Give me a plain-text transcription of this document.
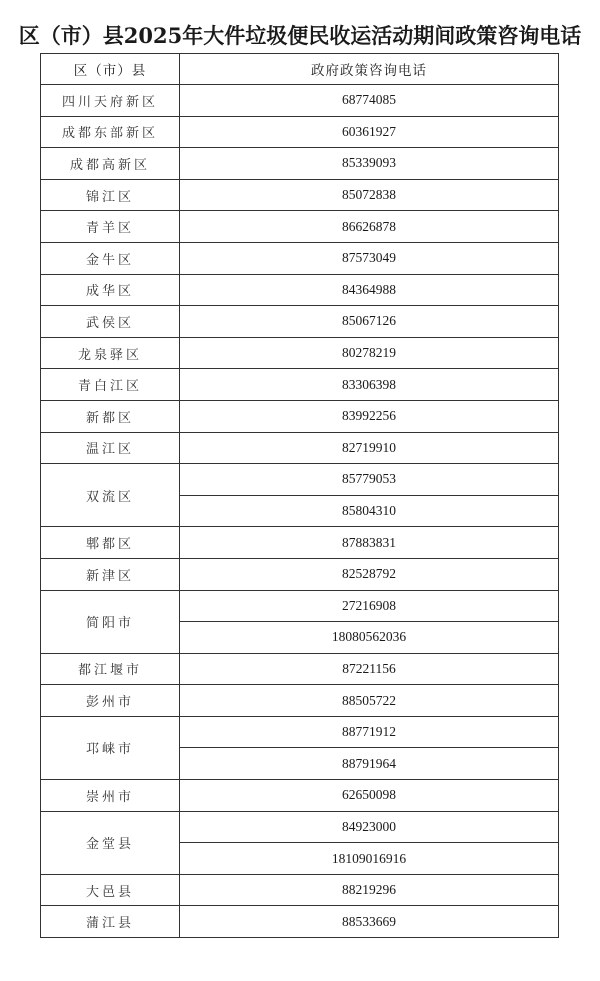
区（市）县2025年大件垃圾便民收运活动期间政策咨询电话
区（市）县	政府政策咨询电话
四川天府新区	68774085
成都东部新区	60361927
成都高新区	85339093
锦江区	85072838
青羊区	86626878
金牛区	87573049
成华区	84364988
武侯区	85067126
龙泉驿区	80278219
青白江区	83306398
新都区	83992256
温江区	82719910
双流区	85779053
	85804310
郫都区	87883831
新津区	82528792
简阳市	27216908
	18080562036
都江堰市	87221156
彭州市	88505722
邛崃市	88771912
	88791964
崇州市	62650098
金堂县	84923000
	18109016916
大邑县	88219296
蒲江县	88533669
